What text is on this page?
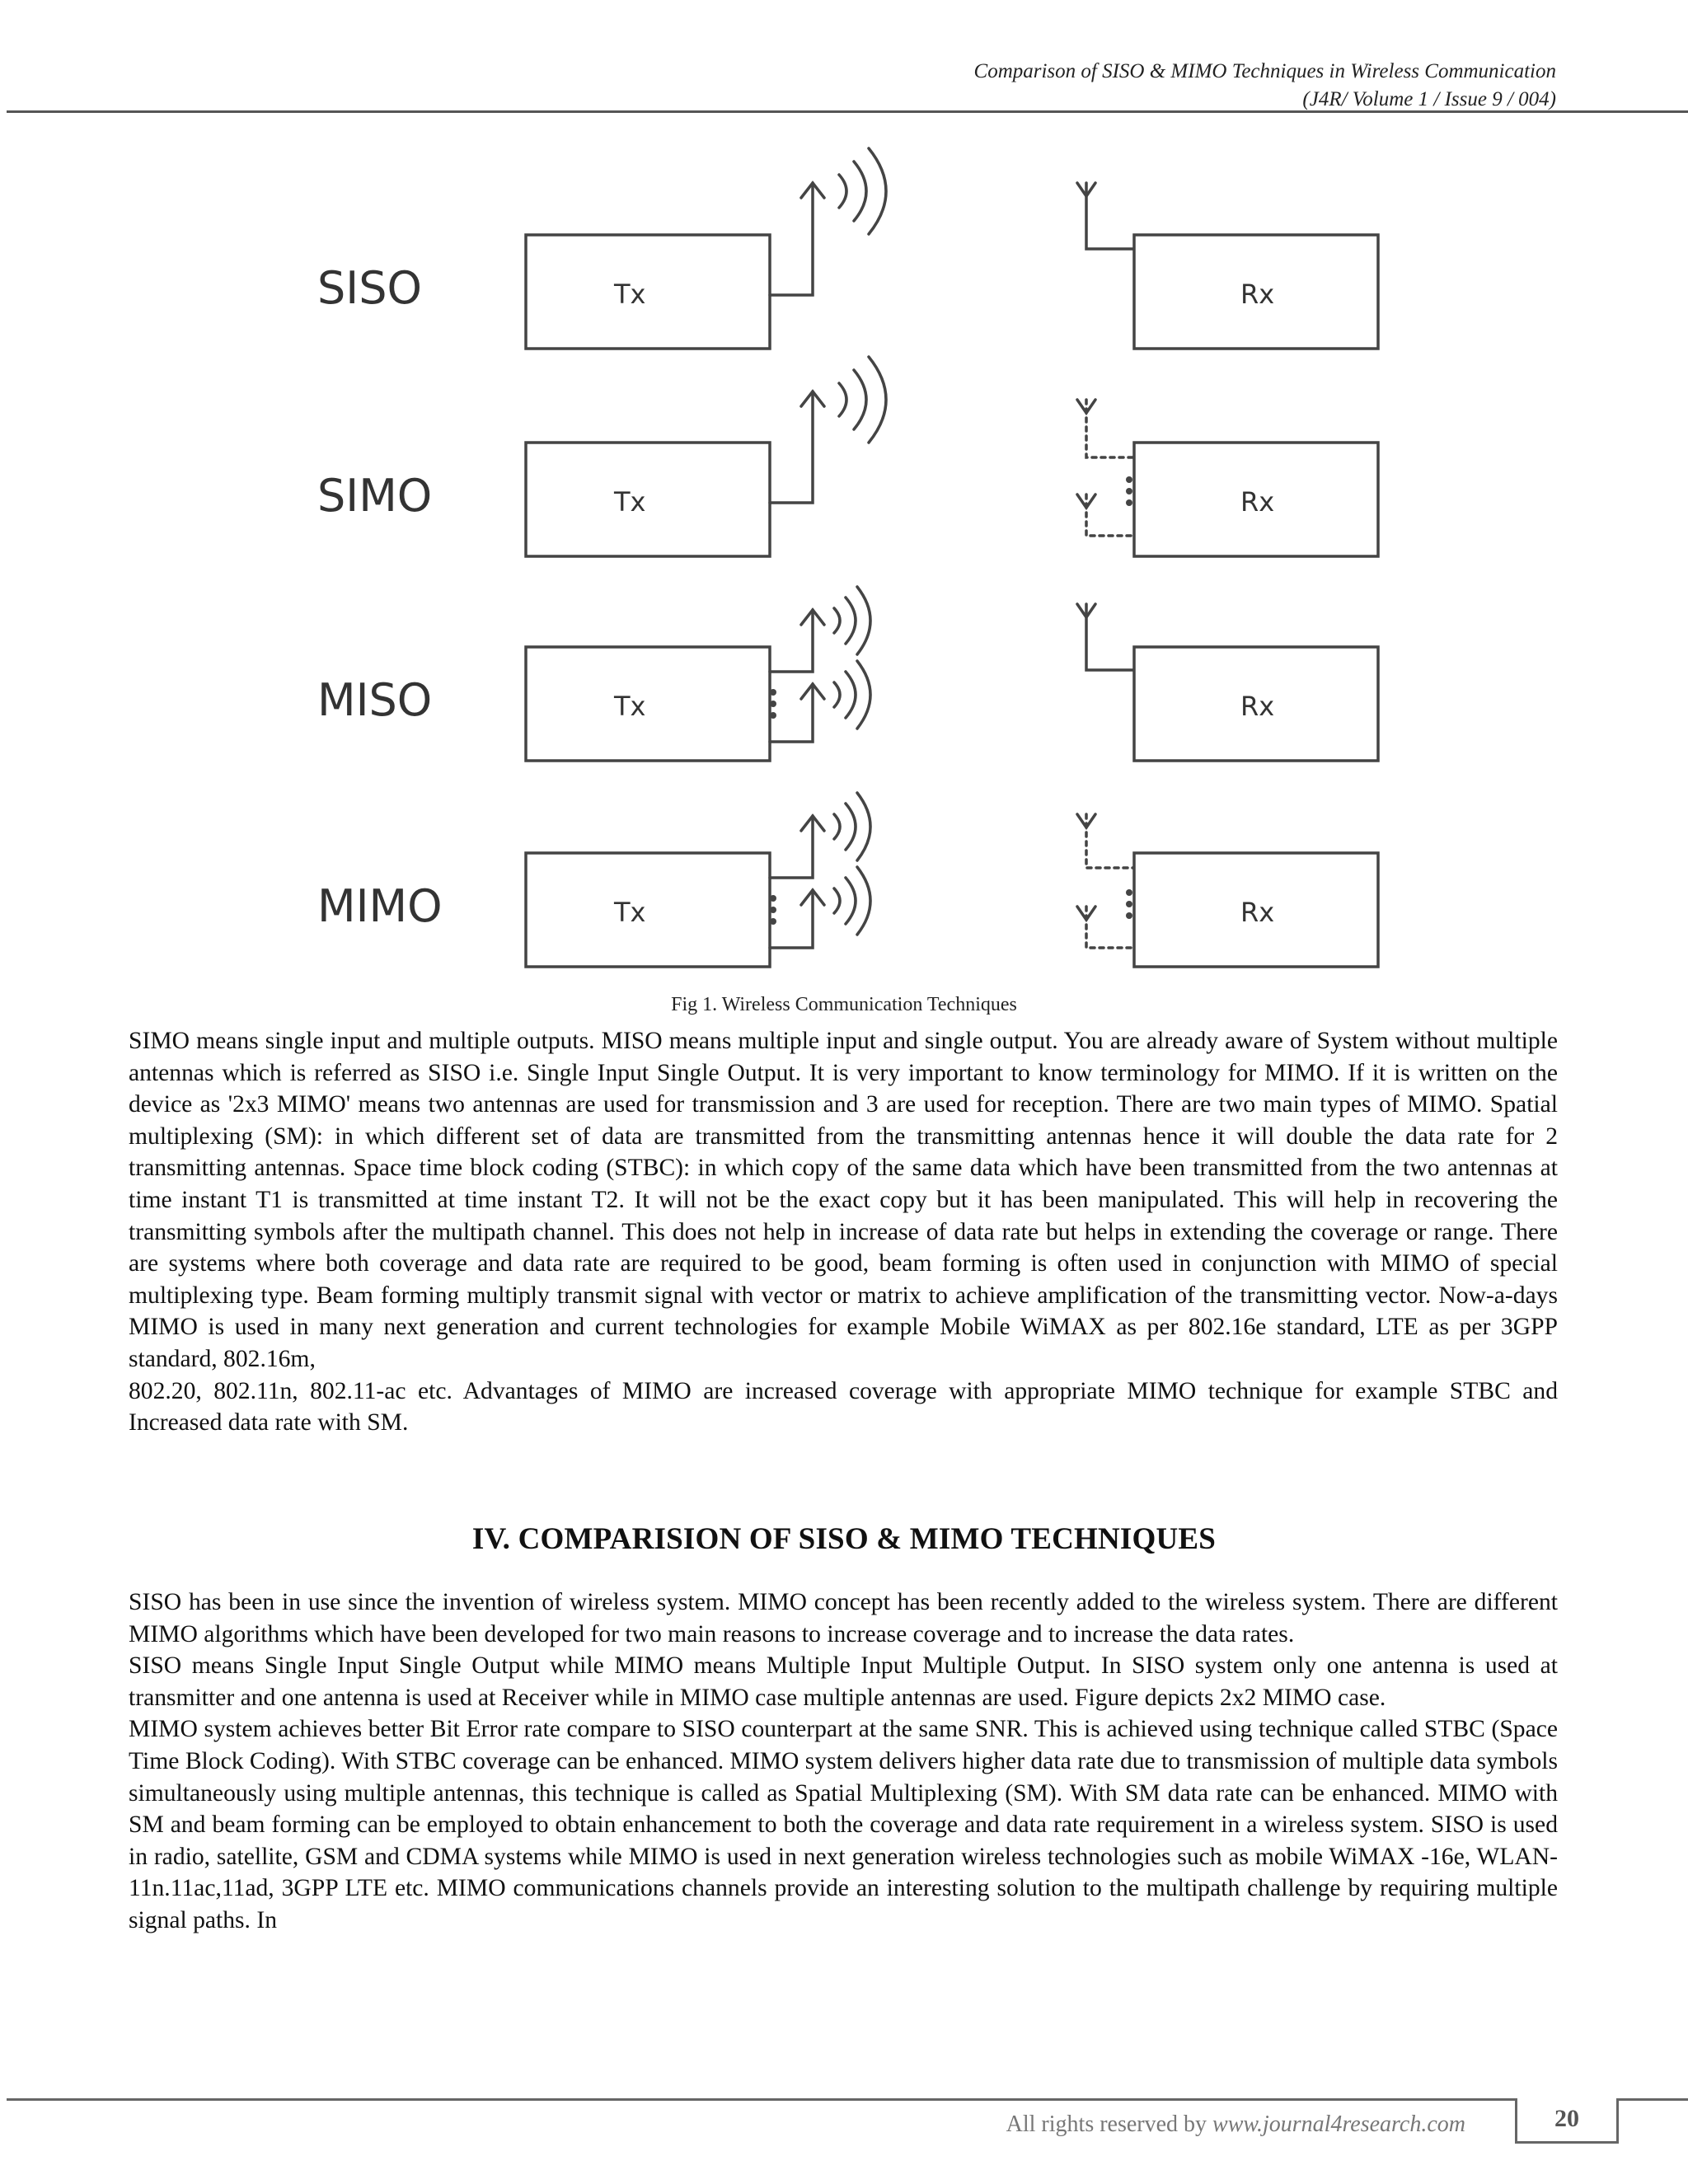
Comparison of SISO & MIMO Techniques in Wireless Communication
(J4R/ Volume 1 / Issue 9 / 004)
SISO	Tx	Rx
SIMO	Tx	Rx
MISO	Tx	Rx
MIMO	Tx	Rx
Fig 1. Wireless Communication Techniques

SIMO means single input and multiple outputs. MISO means multiple input and single output. You are already aware of System without multiple antennas which is referred as SISO i.e. Single Input Single Output. It is very important to know terminology for MIMO. If it is written on the device as '2x3 MIMO' means two antennas are used for transmission and 3 are used for reception. There are two main types of MIMO. Spatial multiplexing (SM): in which different set of data are transmitted from the transmitting antennas hence it will double the data rate for 2 transmitting antennas. Space time block coding (STBC): in which copy of the same data which have been transmitted from the two antennas at time instant T1 is transmitted at time instant T2. It will not be the exact copy but it has been manipulated. This will help in recovering the transmitting symbols after the multipath channel. This does not help in increase of data rate but helps in extending the coverage or range. There are systems where both coverage and data rate are required to be good, beam forming is often used in conjunction with MIMO of special multiplexing type. Beam forming multiply transmit signal with vector or matrix to achieve amplification of the transmitting vector. Now-a-days MIMO is used in many next generation and current technologies for example Mobile WiMAX as per 802.16e standard, LTE as per 3GPP standard, 802.16m,

802.20, 802.11n, 802.11-ac etc. Advantages of MIMO are increased coverage with appropriate MIMO technique for example STBC and Increased data rate with SM.

IV. COMPARISION OF SISO & MIMO TECHNIQUES

SISO has been in use since the invention of wireless system. MIMO concept has been recently added to the wireless system. There are different MIMO algorithms which have been developed for two main reasons to increase coverage and to increase the data rates.

SISO means Single Input Single Output while MIMO means Multiple Input Multiple Output. In SISO system only one antenna is used at transmitter and one antenna is used at Receiver while in MIMO case multiple antennas are used. Figure depicts 2x2 MIMO case.

MIMO system achieves better Bit Error rate compare to SISO counterpart at the same SNR. This is achieved using technique called STBC (Space Time Block Coding). With STBC coverage can be enhanced. MIMO system delivers higher data rate due to transmission of multiple data symbols simultaneously using multiple antennas, this technique is called as Spatial Multiplexing (SM). With SM data rate can be enhanced. MIMO with SM and beam forming can be employed to obtain enhancement to both the coverage and data rate requirement in a wireless system. SISO is used in radio, satellite, GSM and CDMA systems while MIMO is used in next generation wireless technologies such as mobile WiMAX -16e, WLAN-11n.11ac,11ad, 3GPP LTE etc. MIMO communications channels provide an interesting solution to the multipath challenge by requiring multiple signal paths. In

All rights reserved by www.journal4research.com	20
